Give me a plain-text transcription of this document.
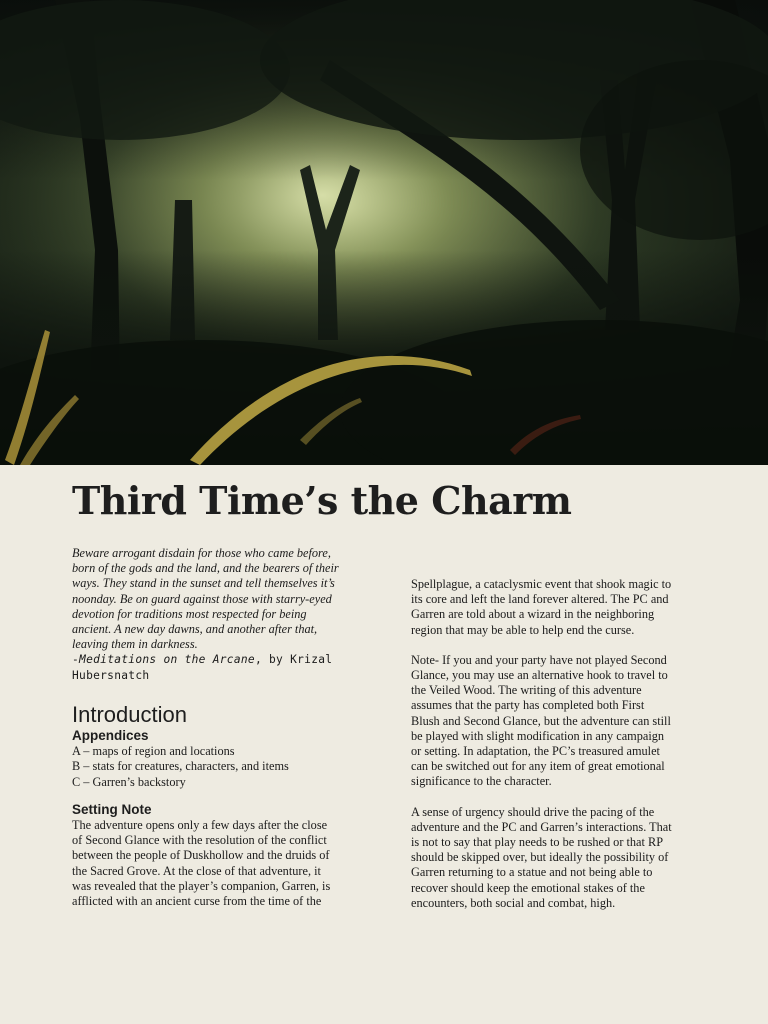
Third Time’s the Charm

Beware arrogant disdain for those who came before,

born of the gods and the land, and the bearers of their

ways. They stand in the sunset and tell themselves it’s

noonday. Be on guard against those with starry-eyed

devotion for traditions most respected for being

ancient. A new day dawns, and another after that,

leaving them in darkness.

-Meditations on the Arcane, by Krizal

Hubersnatch

Introduction
Appendices

A – maps of region and locations

B – stats for creatures, characters, and items

C – Garren’s backstory

Setting Note

The adventure opens only a few days after the close

of Second Glance with the resolution of the conflict

between the people of Duskhollow and the druids of

the Sacred Grove. At the close of that adventure, it

was revealed that the player’s companion, Garren, is

afflicted with an ancient curse from the time of the

Spellplague, a cataclysmic event that shook magic to

its core and left the land forever altered. The PC and

Garren are told about a wizard in the neighboring

region that may be able to help end the curse.

Note- If you and your party have not played Second

Glance, you may use an alternative hook to travel to

the Veiled Wood. The writing of this adventure

assumes that the party has completed both First

Blush and Second Glance, but the adventure can still

be played with slight modification in any campaign

or setting. In adaptation, the PC’s treasured amulet

can be switched out for any item of great emotional

significance to the character.

A sense of urgency should drive the pacing of the

adventure and the PC and Garren’s interactions. That

is not to say that play needs to be rushed or that RP

should be skipped over, but ideally the possibility of

Garren returning to a statue and not being able to

recover should keep the emotional stakes of the

encounters, both social and combat, high.
